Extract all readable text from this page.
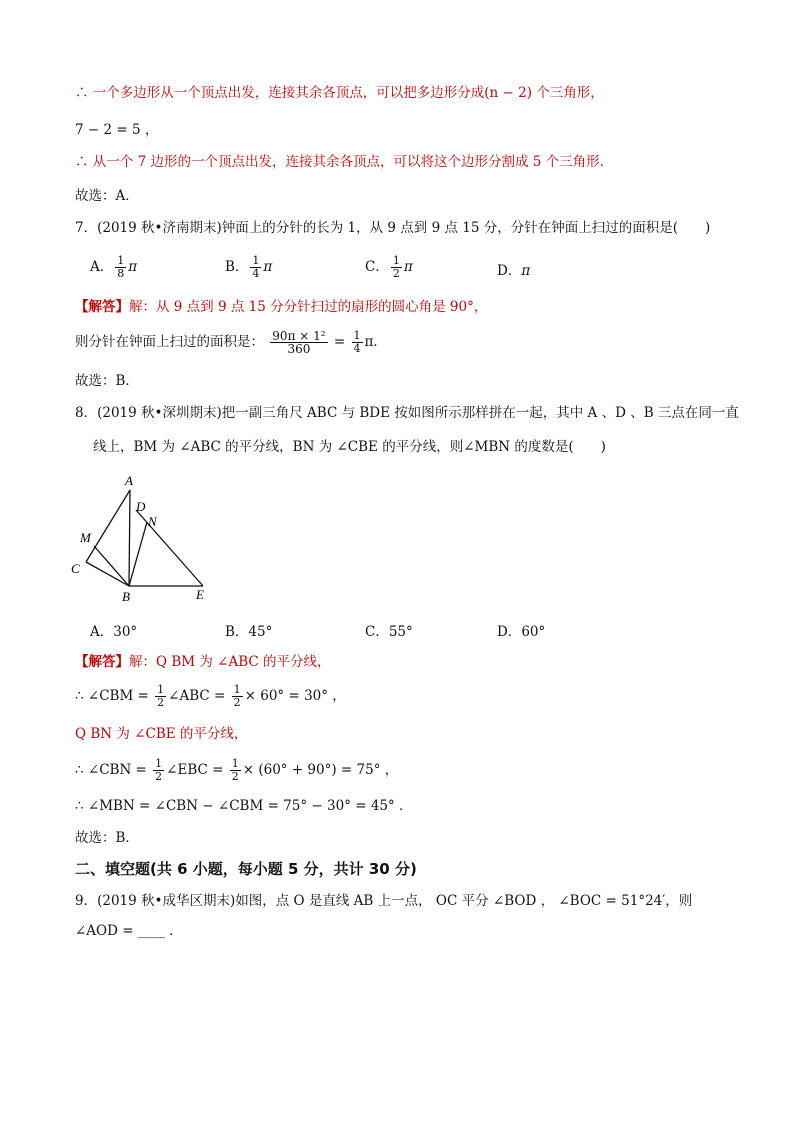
∴ 一个多边形从一个顶点出发，连接其余各顶点，可以把多边形分成(n − 2) 个三角形，
7 − 2 = 5 ，
∴ 从一个 7 边形的一个顶点出发，连接其余各顶点，可以将这个边形分割成 5 个三角形．
故选：A．
7．(2019 秋•济南期末)钟面上的分针的长为 1，从 9 点到 9 点 15 分，分针在钟面上扫过的面积是(　　)
A． $\frac{1}{8}$ π	B． $\frac{1}{4}$ π	C． $\frac{1}{2}$ π	D．π
【解答】解：从 9 点到 9 点 15 分分针扫过的扇形的圆心角是 90°，
则分针在钟面上扫过的面积是： $\frac{\text{90π × 1²}}{360} = \frac{1}{4}$ π．
故选：B．
8．(2019 秋•深圳期末)把一副三角尺 ABC 与 BDE 按如图所示那样拼在一起，其中 A 、D 、B 三点在同一直
线上，BM 为 ∠ABC 的平分线，BN 为 ∠CBE 的平分线，则∠MBN 的度数是(　　)
A
D
N
M
C
B	E
A．30°	B．45°	C．55°	D．60°
【解答】解：Q BM 为 ∠ABC 的平分线，
∴ ∠CBM = $\frac{1}{2}$ ∠ABC = $\frac{1}{2} \times 60^\circ = 30^\circ$ ，
Q BN 为 ∠CBE 的平分线，
∴ ∠CBN = $\frac{1}{2}$ ∠EBC = $\frac{1}{2} \times (60^\circ + 90^\circ) = 75^\circ$ ，
∴ ∠MBN = ∠CBN − ∠CBM = 75° − 30° = 45° ．
故选：B．
二、填空题(共 6 小题，每小题 5 分，共计 30 分)
9．(2019 秋•成华区期末)如图，点 O 是直线 AB 上一点， OC 平分 ∠BOD ， ∠BOC = 51°24′，则
∠AOD = ____ ．
